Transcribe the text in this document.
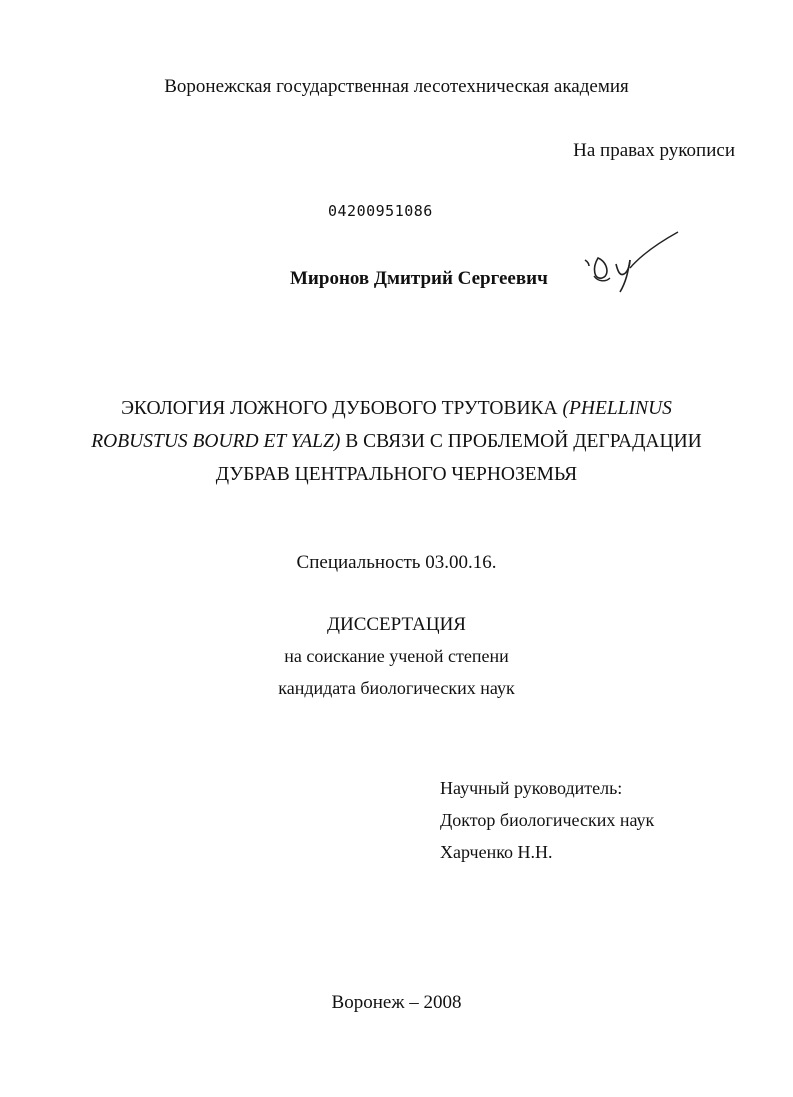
Воронежская государственная лесотехническая академия
На правах рукописи
04200951086
Миронов Дмитрий Сергеевич
ЭКОЛОГИЯ ЛОЖНОГО ДУБОВОГО ТРУТОВИКА (PHELLINUS
ROBUSTUS BOURD ET YALZ) В СВЯЗИ С ПРОБЛЕМОЙ ДЕГРАДАЦИИ
ДУБРАВ ЦЕНТРАЛЬНОГО ЧЕРНОЗЕМЬЯ
Специальность 03.00.16.
ДИССЕРТАЦИЯ
на соискание ученой степени
кандидата биологических наук
Научный руководитель:
Доктор биологических наук
Харченко Н.Н.
Воронеж – 2008
